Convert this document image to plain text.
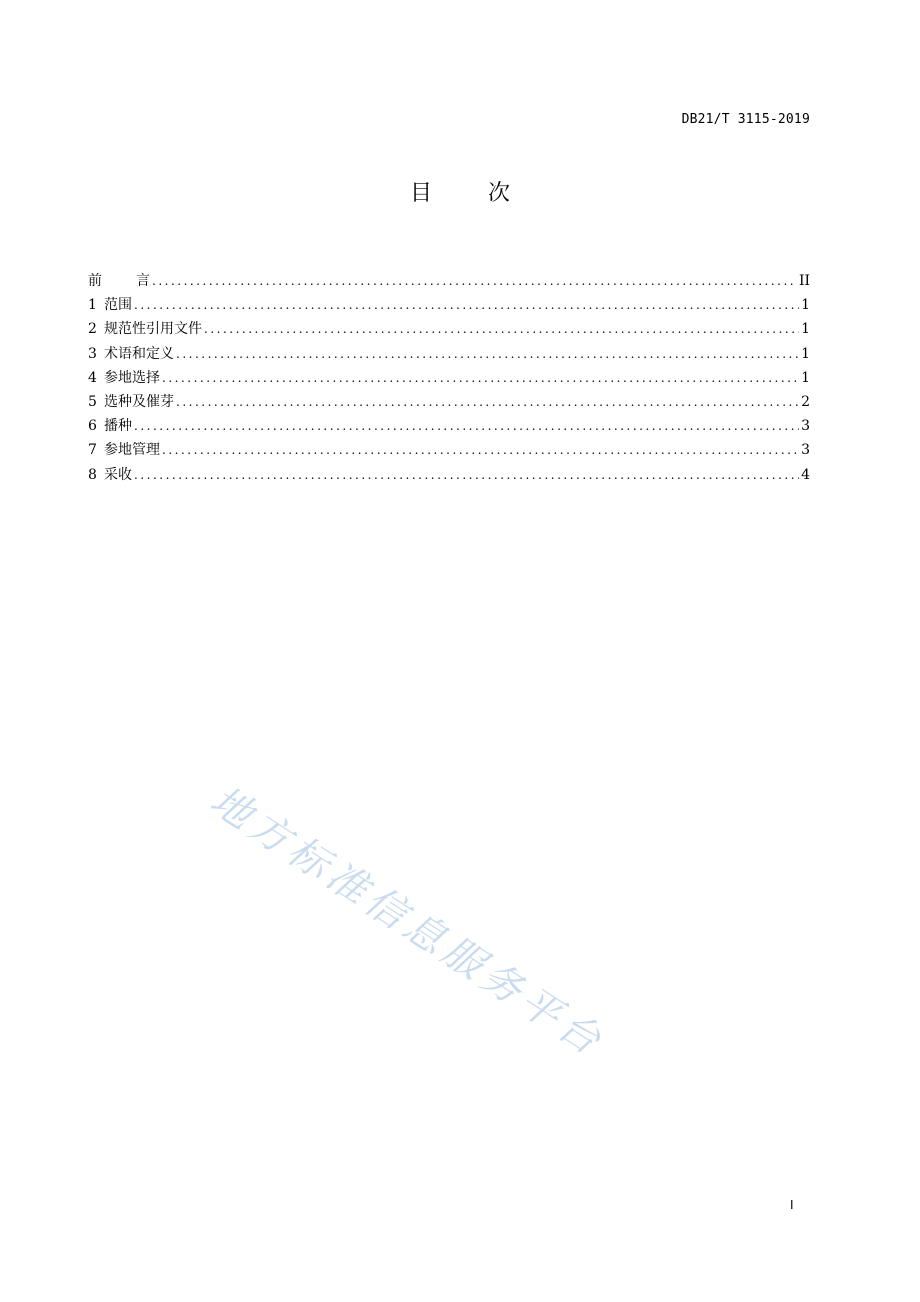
DB21/T 3115-2019
目	次
前 言 .....	II
1 范围 .....	1
2 规范性引用文件 .....	1
3 术语和定义 .....	1
4 参地选择 .....	1
5 选种及催芽 .....	2
6 播种 .....	3
7 参地管理 .....	3
8 采收 .....	4
地方标准信息服务平台
I
